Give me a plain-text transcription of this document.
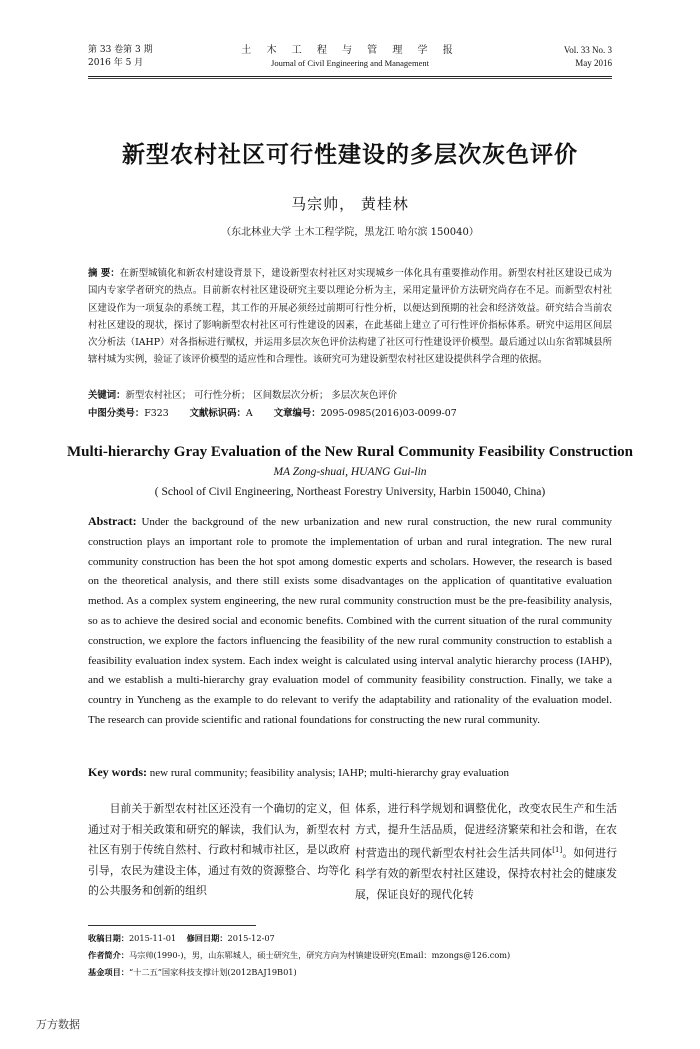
第 33 卷第 3 期
2016 年 5 月
土 木 工 程 与 管 理 学 报
Journal of Civil Engineering and Management
Vol. 33 No. 3
May 2016
新型农村社区可行性建设的多层次灰色评价
马宗帅， 黄桂林
（东北林业大学 土木工程学院，黑龙江 哈尔滨 150040）
摘 要：在新型城镇化和新农村建设背景下，建设新型农村社区对实现城乡一体化具有重要推动作用。新型农村社区建设已成为国内专家学者研究的热点。目前新农村社区建设研究主要以理论分析为主，采用定量评价方法研究尚存在不足。而新型农村社区建设作为一项复杂的系统工程，其工作的开展必须经过前期可行性分析，以便达到预期的社会和经济效益。研究结合当前农村社区建设的现状，探讨了影响新型农村社区可行性建设的因素，在此基础上建立了可行性评价指标体系。研究中运用区间层次分析法（IAHP）对各指标进行赋权，并运用多层次灰色评价法构建了社区可行性建设评价模型。最后通过以山东省郓城县所辖村城为实例，验证了该评价模型的适应性和合理性。该研究可为建设新型农村社区建设提供科学合理的依据。
关键词：新型农村社区； 可行性分析； 区间数层次分析； 多层次灰色评价
中图分类号：F323 文献标识码：A 文章编号：2095-0985(2016)03-0099-07
Multi-hierarchy Gray Evaluation of the New Rural Community Feasibility Construction
MA Zong-shuai, HUANG Gui-lin
( School of Civil Engineering, Northeast Forestry University, Harbin 150040, China)
Abstract: Under the background of the new urbanization and new rural construction, the new rural community construction plays an important role to promote the implementation of urban and rural integration. The new rural community construction has been the hot spot among domestic experts and scholars. However, the research is based on the theoretical analysis, and there still exists some disadvantages on the application of quantitative evaluation method. As a complex system engineering, the new rural community construction must be the pre-feasibility analysis, so as to achieve the desired social and economic benefits. Combined with the current situation of the rural community construction, we explore the factors influencing the feasibility of the new rural community construction to establish a feasibility evaluation index system. Each index weight is calculated using interval analytic hierarchy process (IAHP), and we establish a multi-hierarchy gray evaluation model of community feasibility construction. Finally, we take a country in Yuncheng as the example to do relevant to verify the adaptability and rationality of the evaluation model. The research can provide scientific and rational foundations for constructing the new rural community.
Key words: new rural community; feasibility analysis; IAHP; multi-hierarchy gray evaluation
目前关于新型农村社区还没有一个确切的定义，但通过对于相关政策和研究的解读，我们认为，新型农村社区有别于传统自然村、行政村和城市社区，是以政府引导，农民为建设主体，通过有效的资源整合、均等化的公共服务和创新的组织
体系，进行科学规划和调整优化，改变农民生产和生活方式，提升生活品质，促进经济繁荣和社会和谐，在农村营造出的现代新型农村社会生活共同体[1]。如何进行科学有效的新型农村社区建设，保持农村社会的健康发展，保证良好的现代化转
收稿日期：2015-11-01 修回日期：2015-12-07
作者简介：马宗帅(1990-)，男，山东郓城人，硕士研究生，研究方向为村镇建设研究(Email：mzongs@126.com)
基金项目：“十二五”国家科技支撑计划(2012BAJ19B01)
万方数据
